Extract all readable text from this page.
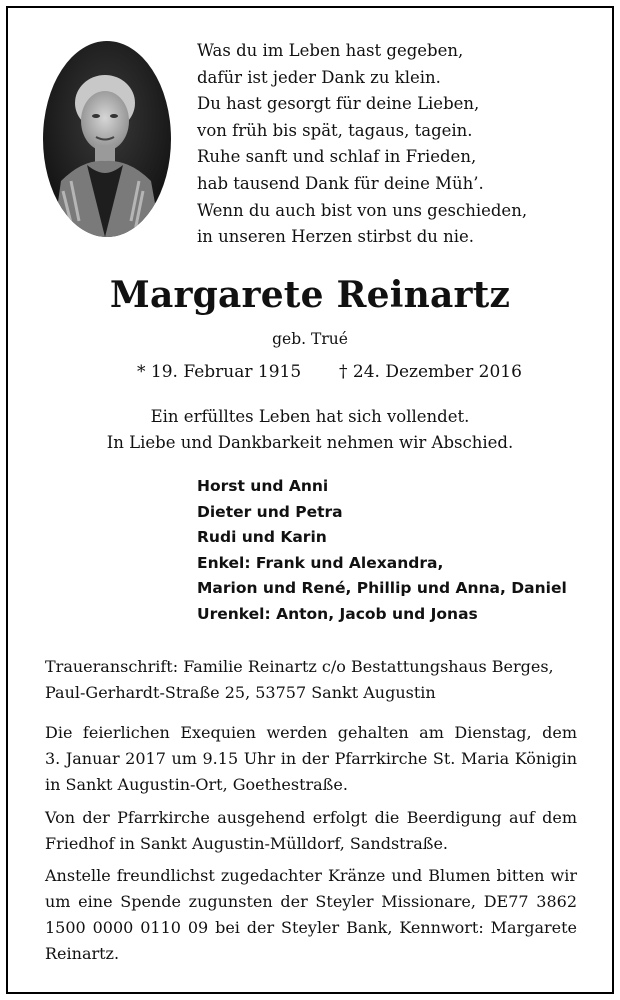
Was du im Leben hast gegeben,
dafür ist jeder Dank zu klein.
Du hast gesorgt für deine Lieben,
von früh bis spät, tagaus, tagein.
Ruhe sanft und schlaf in Frieden,
hab tausend Dank für deine Müh’.
Wenn du auch bist von uns geschieden,
in unseren Herzen stirbst du nie.
Margarete Reinartz
geb. Trué
* 19. Februar 1915 † 24. Dezember 2016
Ein erfülltes Leben hat sich vollendet.
In Liebe und Dankbarkeit nehmen wir Abschied.
Horst und Anni
Dieter und Petra
Rudi und Karin
Enkel: Frank und Alexandra,
Marion und René, Phillip und Anna, Daniel
Urenkel: Anton, Jacob und Jonas
Traueranschrift: Familie Reinartz c/o Bestattungshaus Berges,
Paul-Gerhardt-Straße 25, 53757 Sankt Augustin
Die feierlichen Exequien werden gehalten am Dienstag, dem
3. Januar 2017 um 9.15 Uhr in der Pfarrkirche St. Maria Königin
in Sankt Augustin-Ort, Goethestraße.
Von der Pfarrkirche ausgehend erfolgt die Beerdigung auf dem
Friedhof in Sankt Augustin-Mülldorf, Sandstraße.
Anstelle freundlichst zugedachter Kränze und Blumen bitten wir
um eine Spende zugunsten der Steyler Missionare, DE77 3862
1500 0000 0110 09 bei der Steyler Bank, Kennwort: Margarete
Reinartz.
